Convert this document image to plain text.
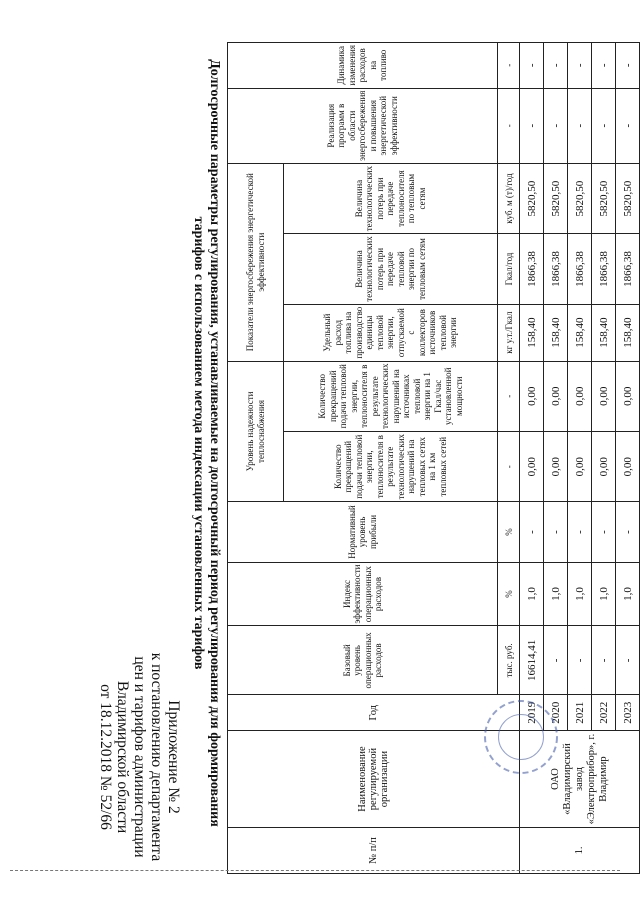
Приложение № 2
к постановлению департамента
цен и тарифов администрации
Владимирской области
от 18.12.2018 № 52/66	Долгосрочные параметры регулирования, устанавливаемые на долгосрочный период регулирования для формирования
тарифов с использованием метода индексации установленных тарифов
№ п/п	Наименование регулируемой организации	Год	Базовый уровень операционных расходов	Индекс эффективности операционных расходов	Нормативный уровень прибыли	Уровень надежности теплоснабжения		Показатели энергосбережения энергетической эффективности			Реализация программ в области энергосбережения и повышения энергетической эффективности	Динамика изменения расходов на топливо
						Количество прекращений подачи тепловой энергии, теплоносителя в результате технологических нарушений на тепловых сетях на 1 км тепловых сетей	Количество прекращений подачи тепловой энергии, теплоносителя в результате технологических нарушений на источниках тепловой энергии на 1 Гкал/час установленной мощности	Удельный расход топлива на производство единицы тепловой энергии, отпускаемой с коллекторов источников тепловой энергии	Величина технологических потерь при передаче тепловой энергии по тепловым сетям	Величина технологических потерь при передаче теплоносителя по тепловым сетям		
			тыс. руб.	%	%	-	-	кг у.т./Гкал	Гкал/год	куб. м (т)/год	-	-
1.	ОАО «Владимирский завод «Электроприбор», г. Владимир	2019	16614,41	1,0	-	0,00	0,00	158,40	1866,38	5820,50	-	-
		2020	-	1,0	-	0,00	0,00	158,40	1866,38	5820,50	-	-
		2021	-	1,0	-	0,00	0,00	158,40	1866,38	5820,50	-	-
		2022	-	1,0	-	0,00	0,00	158,40	1866,38	5820,50	-	-
		2023	-	1,0	-	0,00	0,00	158,40	1866,38	5820,50	-	-
